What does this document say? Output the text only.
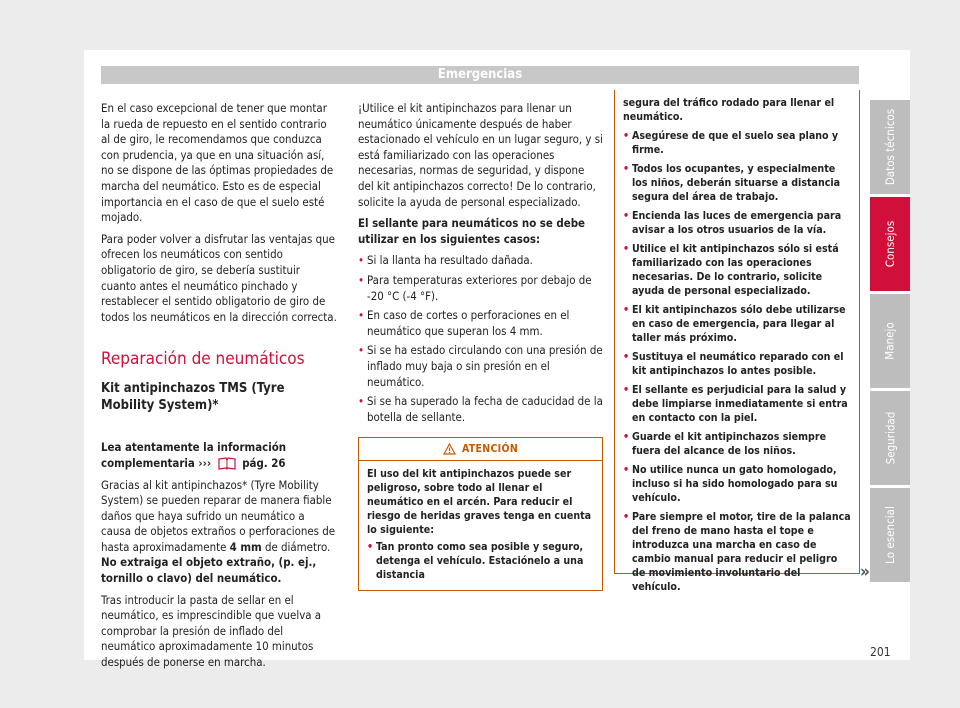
Emergencias

En el caso excepcional de tener que montar la rueda de repuesto en el sentido contrario al de giro, le recomendamos que conduzca con prudencia, ya que en una situación así, no se dispone de las óptimas propiedades de marcha del neumático. Esto es de especial importancia en el caso de que el suelo esté mojado.

Para poder volver a disfrutar las ventajas que ofrecen los neumáticos con sentido obligatorio de giro, se debería sustituir cuanto antes el neumático pinchado y restablecer el sentido obligatorio de giro de todos los neumáticos en la dirección correcta.

Reparación de neumáticos

Kit antipinchazos TMS (Tyre Mobility System)*

Lea atentamente la información complementaria ›››	pág. 26

Gracias al kit antipinchazos* (Tyre Mobility System) se pueden reparar de manera fiable daños que haya sufrido un neumático a causa de objetos extraños o perforaciones de hasta aproximadamente 4 mm de diámetro. No extraiga el objeto extraño, (p. ej., tornillo o clavo) del neumático.

Tras introducir la pasta de sellar en el neumático, es imprescindible que vuelva a comprobar la presión de inflado del neumático aproximadamente 10 minutos después de ponerse en marcha.

¡Utilice el kit antipinchazos para llenar un neumático únicamente después de haber estacionado el vehículo en un lugar seguro, y si está familiarizado con las operaciones necesarias, normas de seguridad, y dispone del kit antipinchazos correcto! De lo contrario, solicite la ayuda de personal especializado.

El sellante para neumáticos no se debe utilizar en los siguientes casos:

• Si la llanta ha resultado dañada.
• Para temperaturas exteriores por debajo de -20 °C (-4 °F).
• En caso de cortes o perforaciones en el neumático que superan los 4 mm.
• Si se ha estado circulando con una presión de inflado muy baja o sin presión en el neumático.
• Si se ha superado la fecha de caducidad de la botella de sellante.
ATENCIÓN

El uso del kit antipinchazos puede ser peligroso, sobre todo al llenar el neumático en el arcén. Para reducir el riesgo de heridas graves tenga en cuenta lo siguiente:

• Tan pronto como sea posible y seguro, detenga el vehículo. Estaciónelo a una distancia

segura del tráfico rodado para llenar el neumático.

• Asegúrese de que el suelo sea plano y firme.
• Todos los ocupantes, y especialmente los niños, deberán situarse a distancia segura del área de trabajo.
• Encienda las luces de emergencia para avisar a los otros usuarios de la vía.
• Utilice el kit antipinchazos sólo si está familiarizado con las operaciones necesarias. De lo contrario, solicite ayuda de personal especializado.
• El kit antipinchazos sólo debe utilizarse en caso de emergencia, para llegar al taller más próximo.
• Sustituya el neumático reparado con el kit antipinchazos lo antes posible.
• El sellante es perjudicial para la salud y debe limpiarse inmediatamente si entra en contacto con la piel.
• Guarde el kit antipinchazos siempre fuera del alcance de los niños.
• No utilice nunca un gato homologado, incluso si ha sido homologado para su vehículo.
• Pare siempre el motor, tire de la palanca del freno de mano hasta el tope e introduzca una marcha en caso de cambio manual para reducir el peligro de movimiento involuntario del vehículo.
»
Datos técnicos
Consejos
Manejo
Seguridad
Lo esencial
201
